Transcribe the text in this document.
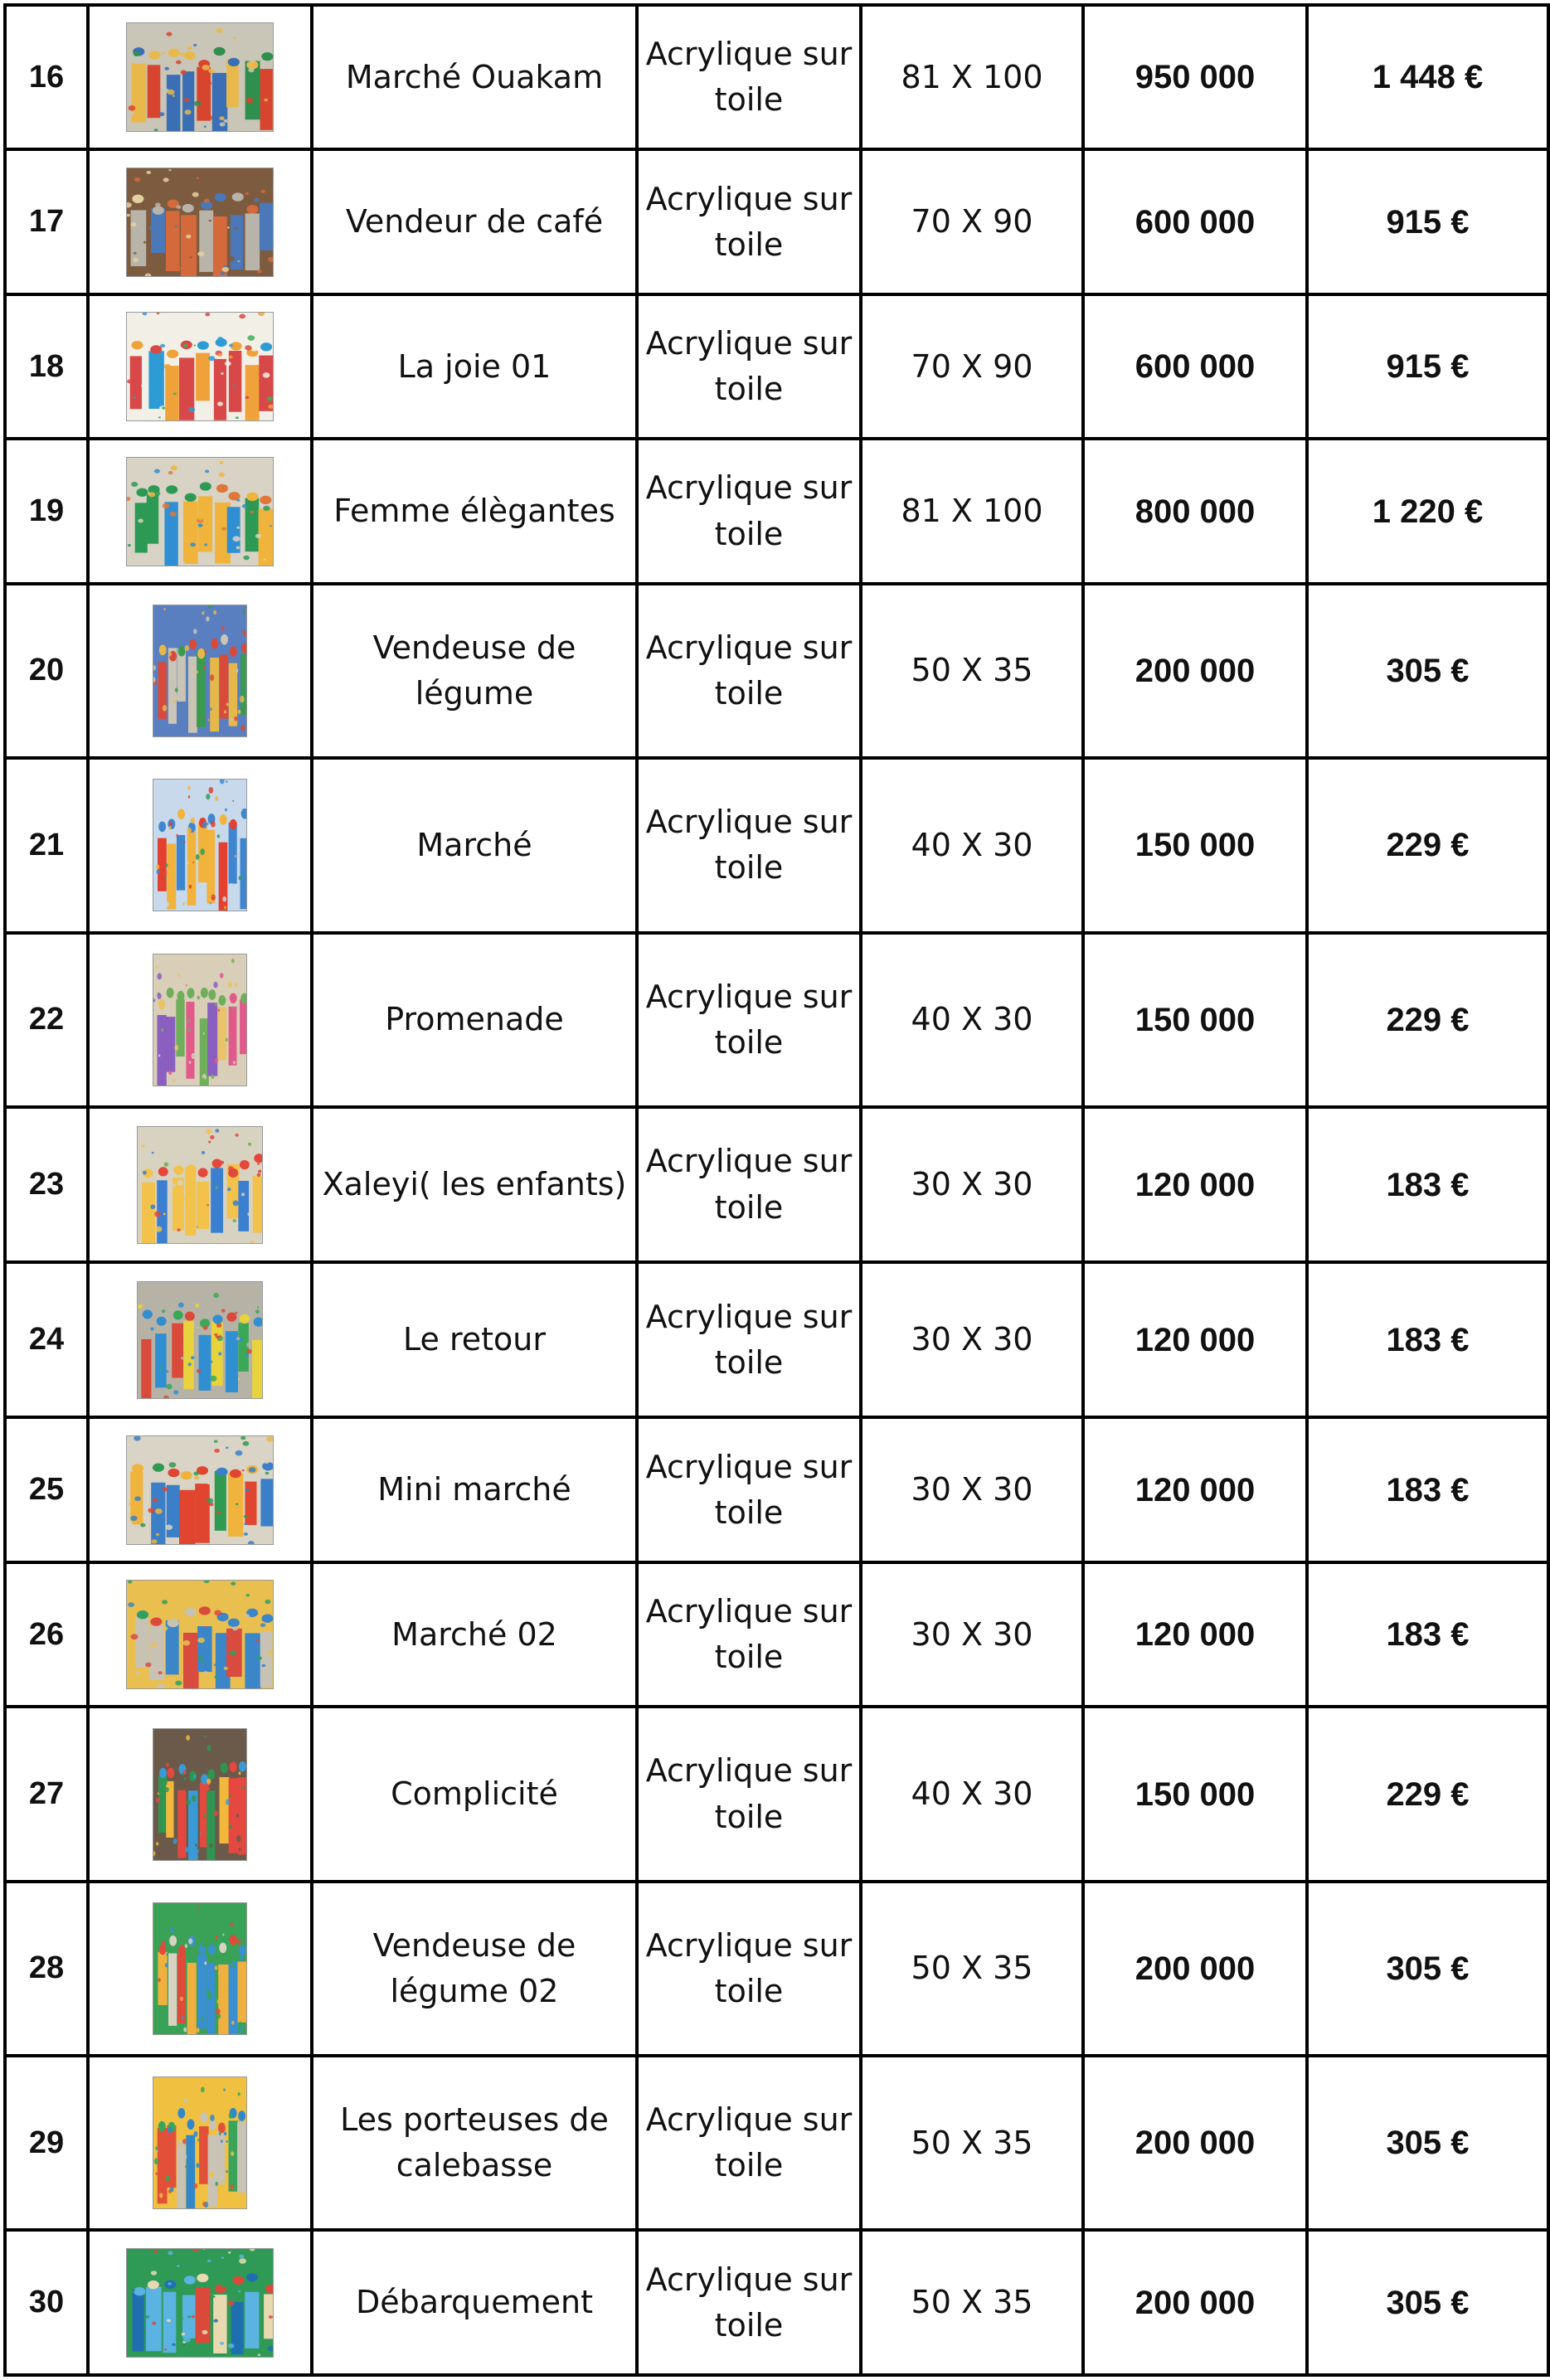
16		Marché Ouakam	Acrylique sur toile	81 X 100	950 000	1 448 €
17		Vendeur de café	Acrylique sur toile	70 X 90	600 000	915 €
18		La joie 01	Acrylique sur toile	70 X 90	600 000	915 €
19		Femme élègantes	Acrylique sur toile	81 X 100	800 000	1 220 €
20		Vendeuse de légume	Acrylique sur toile	50 X 35	200 000	305 €
21		Marché	Acrylique sur toile	40 X 30	150 000	229 €
22		Promenade	Acrylique sur toile	40 X 30	150 000	229 €
23		Xaleyi( les enfants)	Acrylique sur toile	30 X 30	120 000	183 €
24		Le retour	Acrylique sur toile	30 X 30	120 000	183 €
25		Mini marché	Acrylique sur toile	30 X 30	120 000	183 €
26		Marché 02	Acrylique sur toile	30 X 30	120 000	183 €
27		Complicité	Acrylique sur toile	40 X 30	150 000	229 €
28		Vendeuse de légume 02	Acrylique sur toile	50 X 35	200 000	305 €
29		Les porteuses de calebasse	Acrylique sur toile	50 X 35	200 000	305 €
30		Débarquement	Acrylique sur toile	50 X 35	200 000	305 €
